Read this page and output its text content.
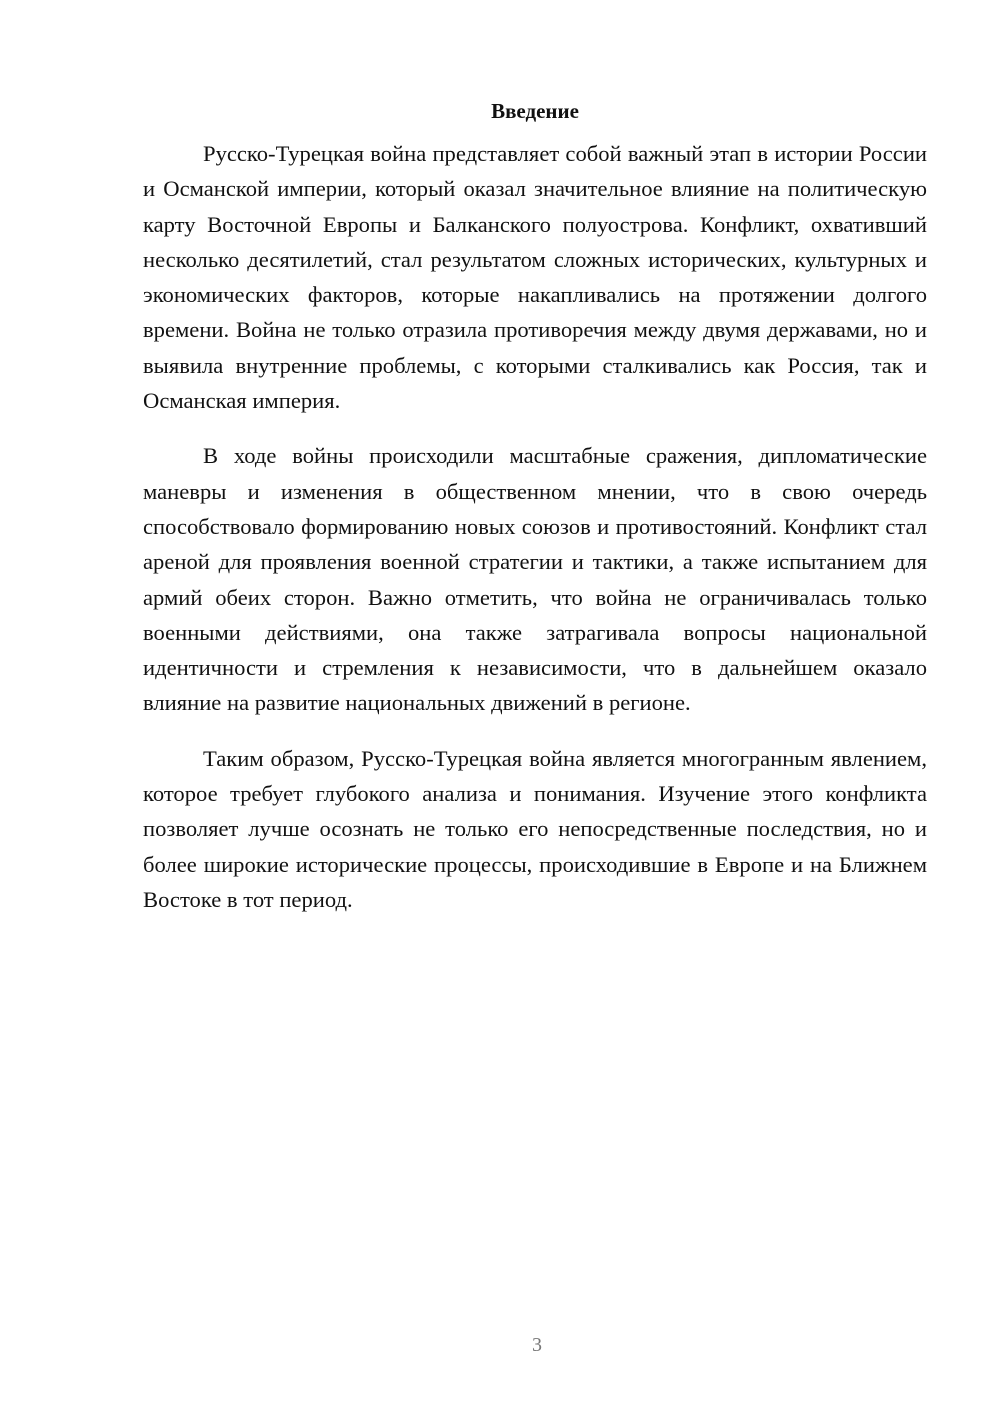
Введение

Русско-Турецкая война представляет собой важный этап в истории России и Османской империи, который оказал значительное влияние на политическую карту Восточной Европы и Балканского полуострова. Конфликт, охвативший несколько десятилетий, стал результатом сложных исторических, культурных и экономических факторов, которые накапливались на протяжении долгого времени. Война не только отразила противоречия между двумя державами, но и выявила внутренние проблемы, с которыми сталкивались как Россия, так и Османская империя.

В ходе войны происходили масштабные сражения, дипломатические маневры и изменения в общественном мнении, что в свою очередь способствовало формированию новых союзов и противостояний. Конфликт стал ареной для проявления военной стратегии и тактики, а также испытанием для армий обеих сторон. Важно отметить, что война не ограничивалась только военными действиями, она также затрагивала вопросы национальной идентичности и стремления к независимости, что в дальнейшем оказало влияние на развитие национальных движений в регионе.

Таким образом, Русско-Турецкая война является многогранным явлением, которое требует глубокого анализа и понимания. Изучение этого конфликта позволяет лучше осознать не только его непосредственные последствия, но и более широкие исторические процессы, происходившие в Европе и на Ближнем Востоке в тот период.

3
